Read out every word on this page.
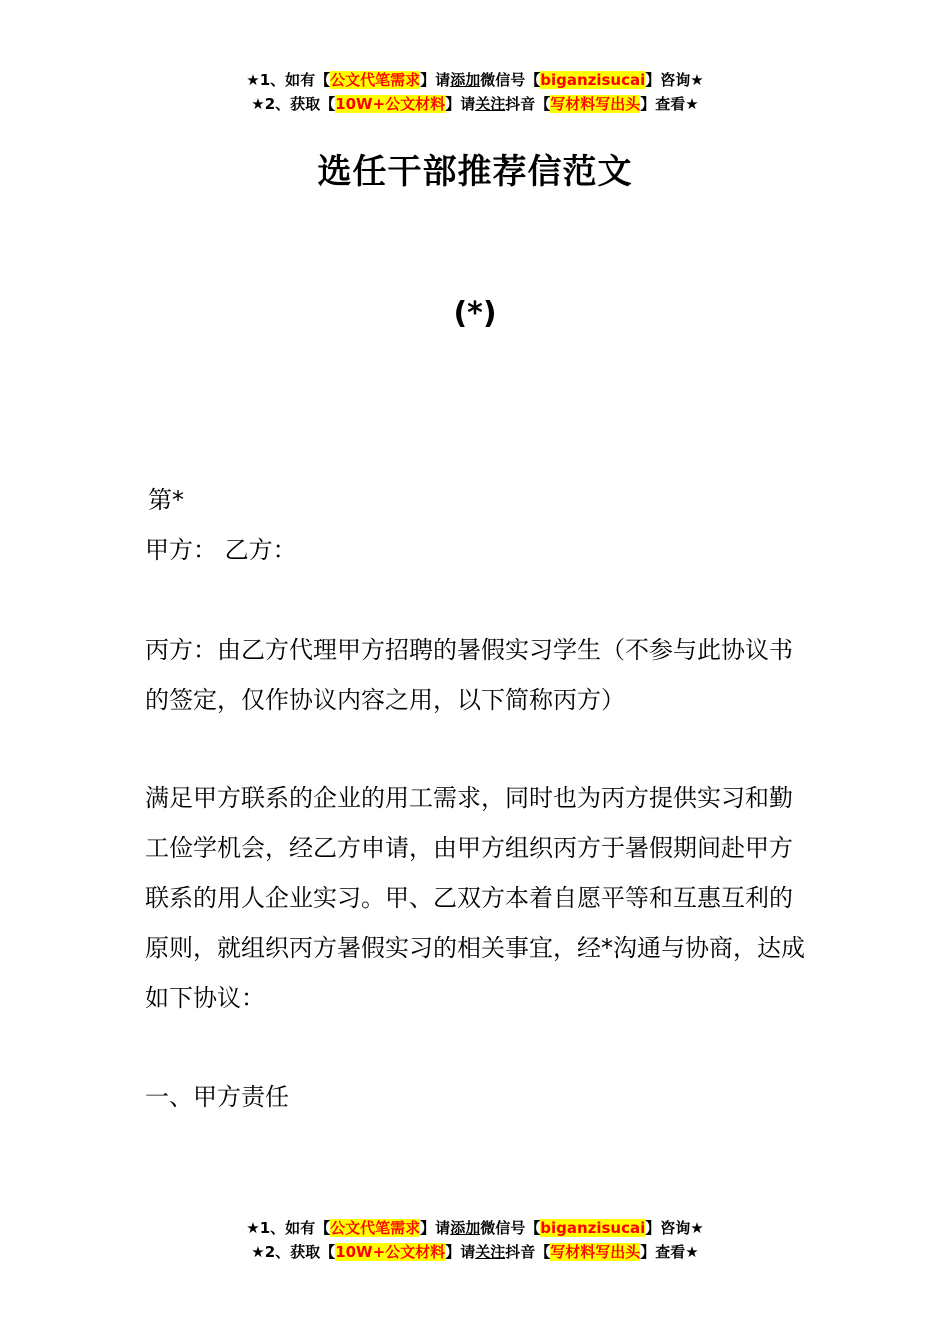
★1、如有【公文代笔需求】请添加微信号【biganzisucai】咨询★
★2、获取【10W+公文材料】请关注抖音【写材料写出头】查看★
选任干部推荐信范文
(*)
第*
甲方： 乙方：
丙方：由乙方代理甲方招聘的暑假实习学生（不参与此协议书的签定，仅作协议内容之用，以下简称丙方）
满足甲方联系的企业的用工需求，同时也为丙方提供实习和勤工俭学机会，经乙方申请，由甲方组织丙方于暑假期间赴甲方联系的用人企业实习。甲、乙双方本着自愿平等和互惠互利的原则，就组织丙方暑假实习的相关事宜，经*沟通与协商，达成如下协议：
一、甲方责任
★1、如有【公文代笔需求】请添加微信号【biganzisucai】咨询★
★2、获取【10W+公文材料】请关注抖音【写材料写出头】查看★
